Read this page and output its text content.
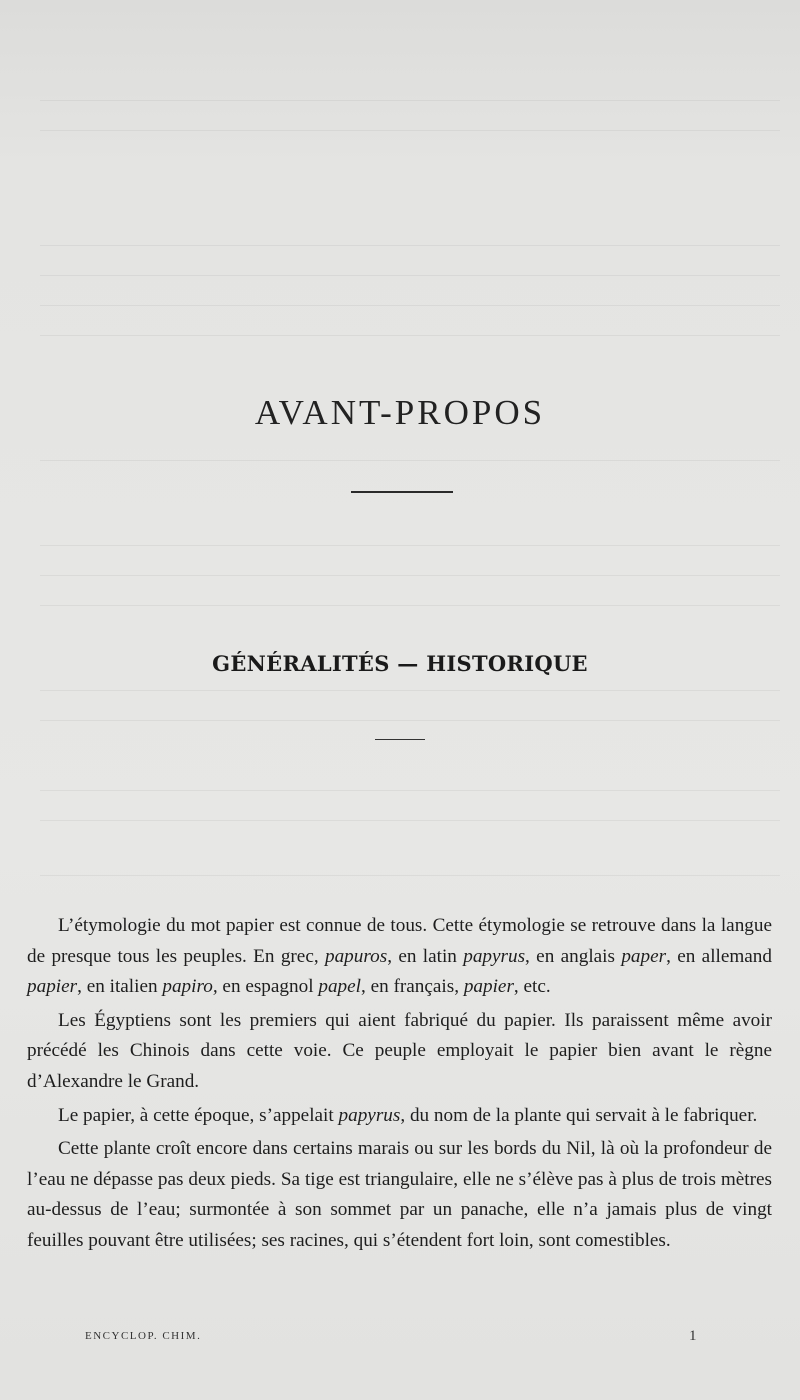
AVANT-PROPOS
GÉNÉRALITÉS — HISTORIQUE

L’étymologie du mot papier est connue de tous. Cette étymologie se retrouve dans la langue de presque tous les peuples. En grec, papuros, en latin papyrus, en anglais paper, en allemand papier, en italien papiro, en espagnol papel, en français, papier, etc.

Les Égyptiens sont les premiers qui aient fabriqué du papier. Ils paraissent même avoir précédé les Chinois dans cette voie. Ce peuple employait le papier bien avant le règne d’Alexandre le Grand.

Le papier, à cette époque, s’appelait papyrus, du nom de la plante qui servait à le fabriquer.

Cette plante croît encore dans certains marais ou sur les bords du Nil, là où la profondeur de l’eau ne dépasse pas deux pieds. Sa tige est triangulaire, elle ne s’élève pas à plus de trois mètres au-dessus de l’eau; surmontée à son sommet par un panache, elle n’a jamais plus de vingt feuilles pouvant être utilisées; ses racines, qui s’étendent fort loin, sont comestibles.

ENCYCLOP. CHIM.	1
